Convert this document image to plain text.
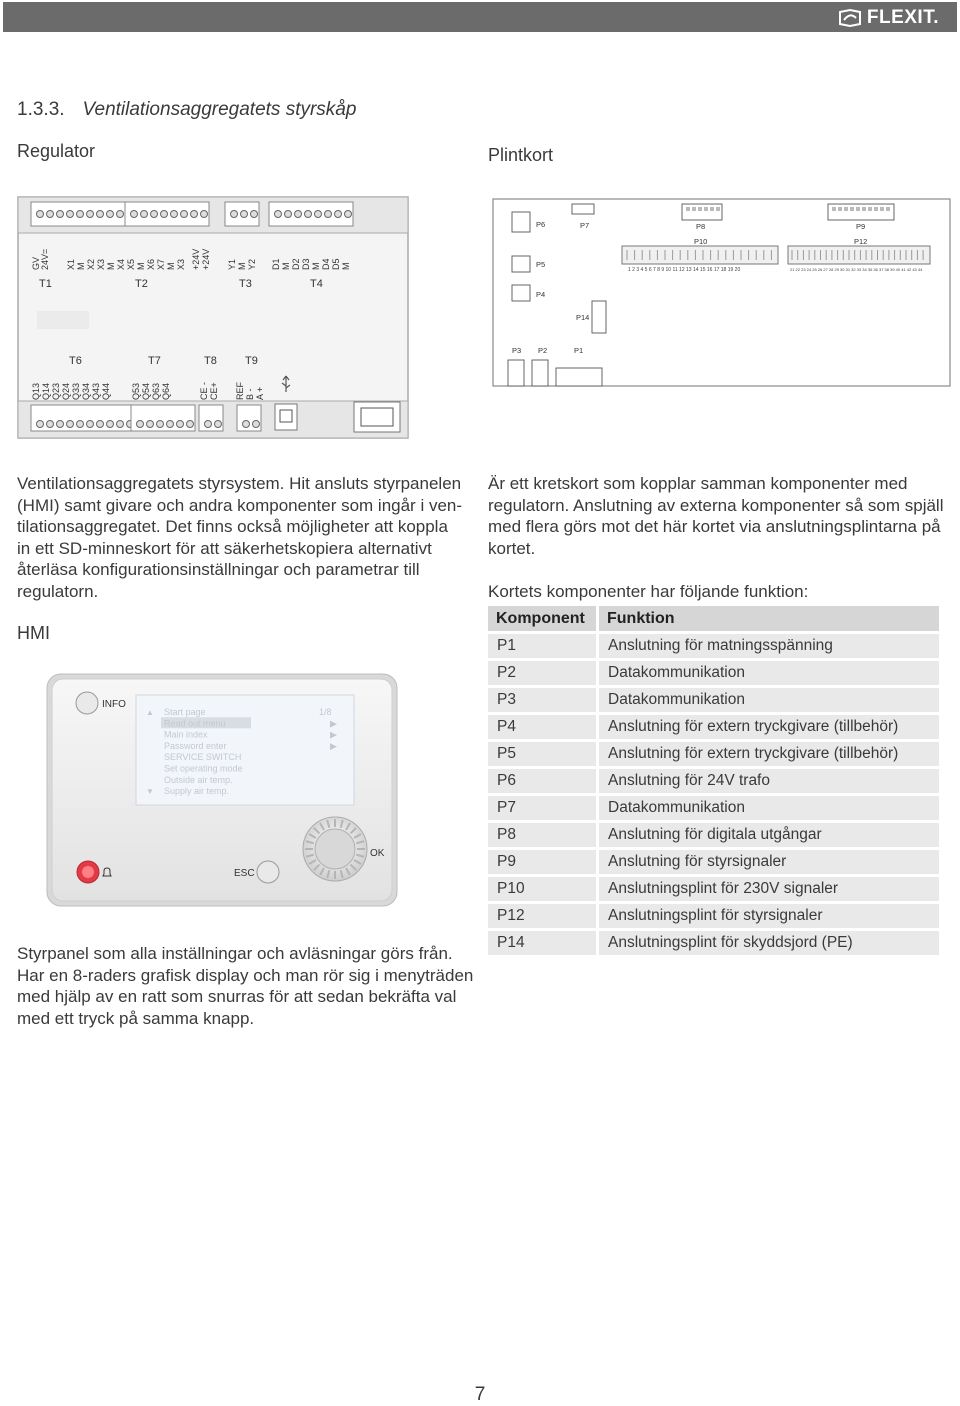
FLEXIT.
1.3.3. Ventilationsaggregatets styrskåp
Regulator	Plintkort
GV 24V= X1 M X2 X3 M X4 X5 M X6 X7 M X3 +24V +24V Y1 M Y2 D1 M D2 D3 M D4 D5 M
T1	T2	T3	T4
T6	T7	T8	T9
Q13 Q14 Q23 Q24 Q33 Q34 Q43 Q44 Q53 Q54 Q63 Q64	CE - CE+ REF B - A +
P6	P7	P8	P9
P10	P12
P5
P4
P14
P3 P2	P1
1 2 3 4 5 6 7 8 9 10 11 12 13 14 15 16 17 18 19 20	21 22 23 24 25 26 27 28 29 30 31 32 33 34 35 36 37 38 39 40 41 42 43 44

Ventilationsaggregatets styrsystem. Hit ansluts styrpanelen

(HMI) samt givare och andra komponenter som ingår i ven-

tilationsaggregatet. Det finns också möjligheter att koppla

in ett SD-minneskort för att säkerhetskopiera alternativt

återläsa konfigurationsinställningar och parametrar till

regulatorn.

HMI
Start page
Read out menu	▶
Main index	▶
Password enter	▶
SERVICE SWITCH
Set operating mode
Outside air temp.
Supply air temp.
1/8
▲
▼
INFO
ESC
OK

Styrpanel som alla inställningar och avläsningar görs från.

Har en 8-raders grafisk display och man rör sig i menyträden

med hjälp av en ratt som snurras för att sedan bekräfta val

med ett tryck på samma knapp.

Är ett kretskort som kopplar samman komponenter med

regulatorn. Anslutning av externa komponenter så som spjäll

med flera görs mot det här kortet via anslutningsplintarna på

kortet.

Kortets komponenter har följande funktion:
Komponent	Funktion
P1	Anslutning för matningsspänning
P2	Datakommunikation
P3	Datakommunikation
P4	Anslutning för extern tryckgivare (tillbehör)
P5	Anslutning för extern tryckgivare (tillbehör)
P6	Anslutning för 24V trafo
P7	Datakommunikation
P8	Anslutning för digitala utgångar
P9	Anslutning för styrsignaler
P10	Anslutningsplint för 230V signaler
P12	Anslutningsplint för styrsignaler
P14	Anslutningsplint för skyddsjord (PE)
7
